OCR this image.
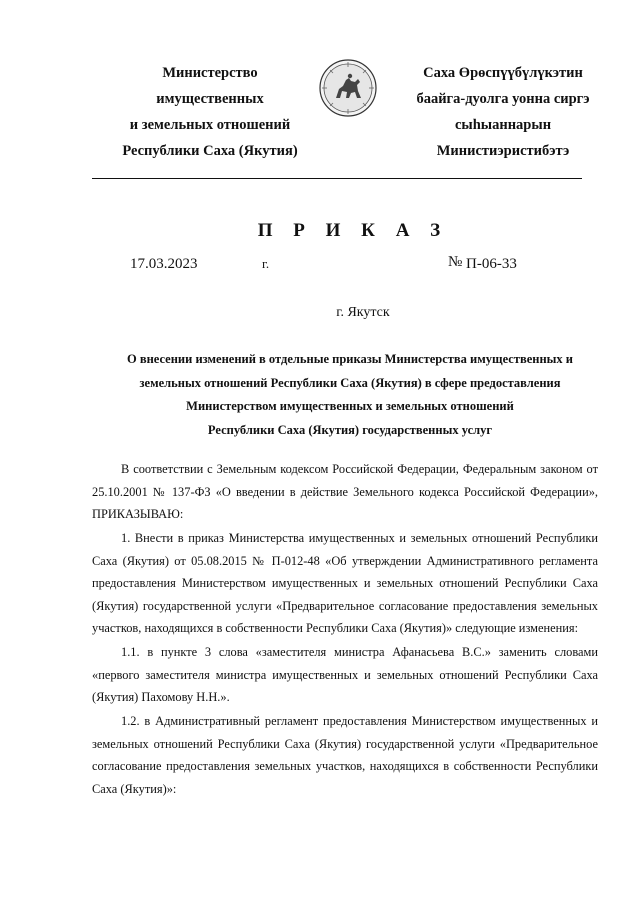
Министерство
имущественных
и земельных отношений
Республики Саха (Якутия)
Саха Өрөспүүбүлүкэтин
баайга-дуолга уонна сиргэ
сыһыаннарын
Министиэристибэтэ
П Р И К А З
17.03.2023	г.	№ П-06-33
г. Якутск
О внесении изменений в отдельные приказы Министерства имущественных и
земельных отношений Республики Саха (Якутия) в сфере предоставления
Министерством имущественных и земельных отношений
Республики Саха (Якутия) государственных услуг

В соответствии с Земельным кодексом Российской Федерации, Федеральным законом от 25.10.2001 № 137-ФЗ «О введении в действие Земельного кодекса Российской Федерации», ПРИКАЗЫВАЮ:

1. Внести в приказ Министерства имущественных и земельных отношений Республики Саха (Якутия) от 05.08.2015 № П-012-48 «Об утверждении Административного регламента предоставления Министерством имущественных и земельных отношений Республики Саха (Якутия) государственной услуги «Предварительное согласование предоставления земельных участков, находящихся в собственности Республики Саха (Якутия)» следующие изменения:

1.1. в пункте 3 слова «заместителя министра Афанасьева В.С.» заменить словами «первого заместителя министра имущественных и земельных отношений Республики Саха (Якутия) Пахомову Н.Н.».

1.2. в Административный регламент предоставления Министерством имущественных и земельных отношений Республики Саха (Якутия) государственной услуги «Предварительное согласование предоставления земельных участков, находящихся в собственности Республики Саха (Якутия)»:
